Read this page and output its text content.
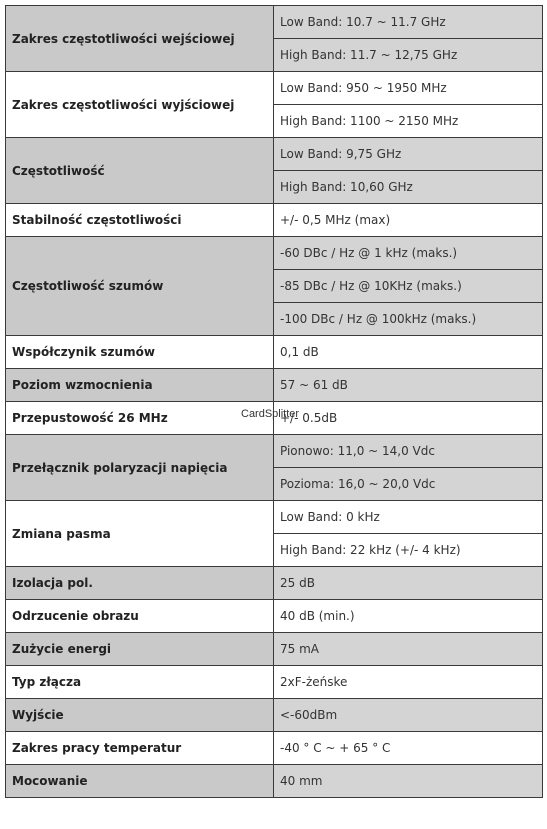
Zakres częstotliwości wejściowej	Low Band: 10.7 ~ 11.7 GHz
	High Band: 11.7 ~ 12,75 GHz
Zakres częstotliwości wyjściowej	Low Band: 950 ~ 1950 MHz
	High Band: 1100 ~ 2150 MHz
Częstotliwość	Low Band: 9,75 GHz
	High Band: 10,60 GHz
Stabilność częstotliwości	+/- 0,5 MHz (max)
Częstotliwość szumów	-60 DBc / Hz @ 1 kHz (maks.)
	-85 DBc / Hz @ 10KHz (maks.)
	-100 DBc / Hz @ 100kHz (maks.)
Współczynik szumów	0,1 dB
Poziom wzmocnienia	57 ~ 61 dB
Przepustowość 26 MHz	+/- 0.5dB
Przełącznik polaryzacji napięcia	Pionowo: 11,0 ~ 14,0 Vdc
	Pozioma: 16,0 ~ 20,0 Vdc
Zmiana pasma	Low Band: 0 kHz
	High Band: 22 kHz (+/- 4 kHz)
Izolacja pol.	25 dB
Odrzucenie obrazu	40 dB (min.)
Zużycie energi	75 mA
Typ złącza	2xF-żeńske
Wyjście	<-60dBm
Zakres pracy temperatur	-40 ° C ~ + 65 ° C
Mocowanie	40 mm
CardSplitter
